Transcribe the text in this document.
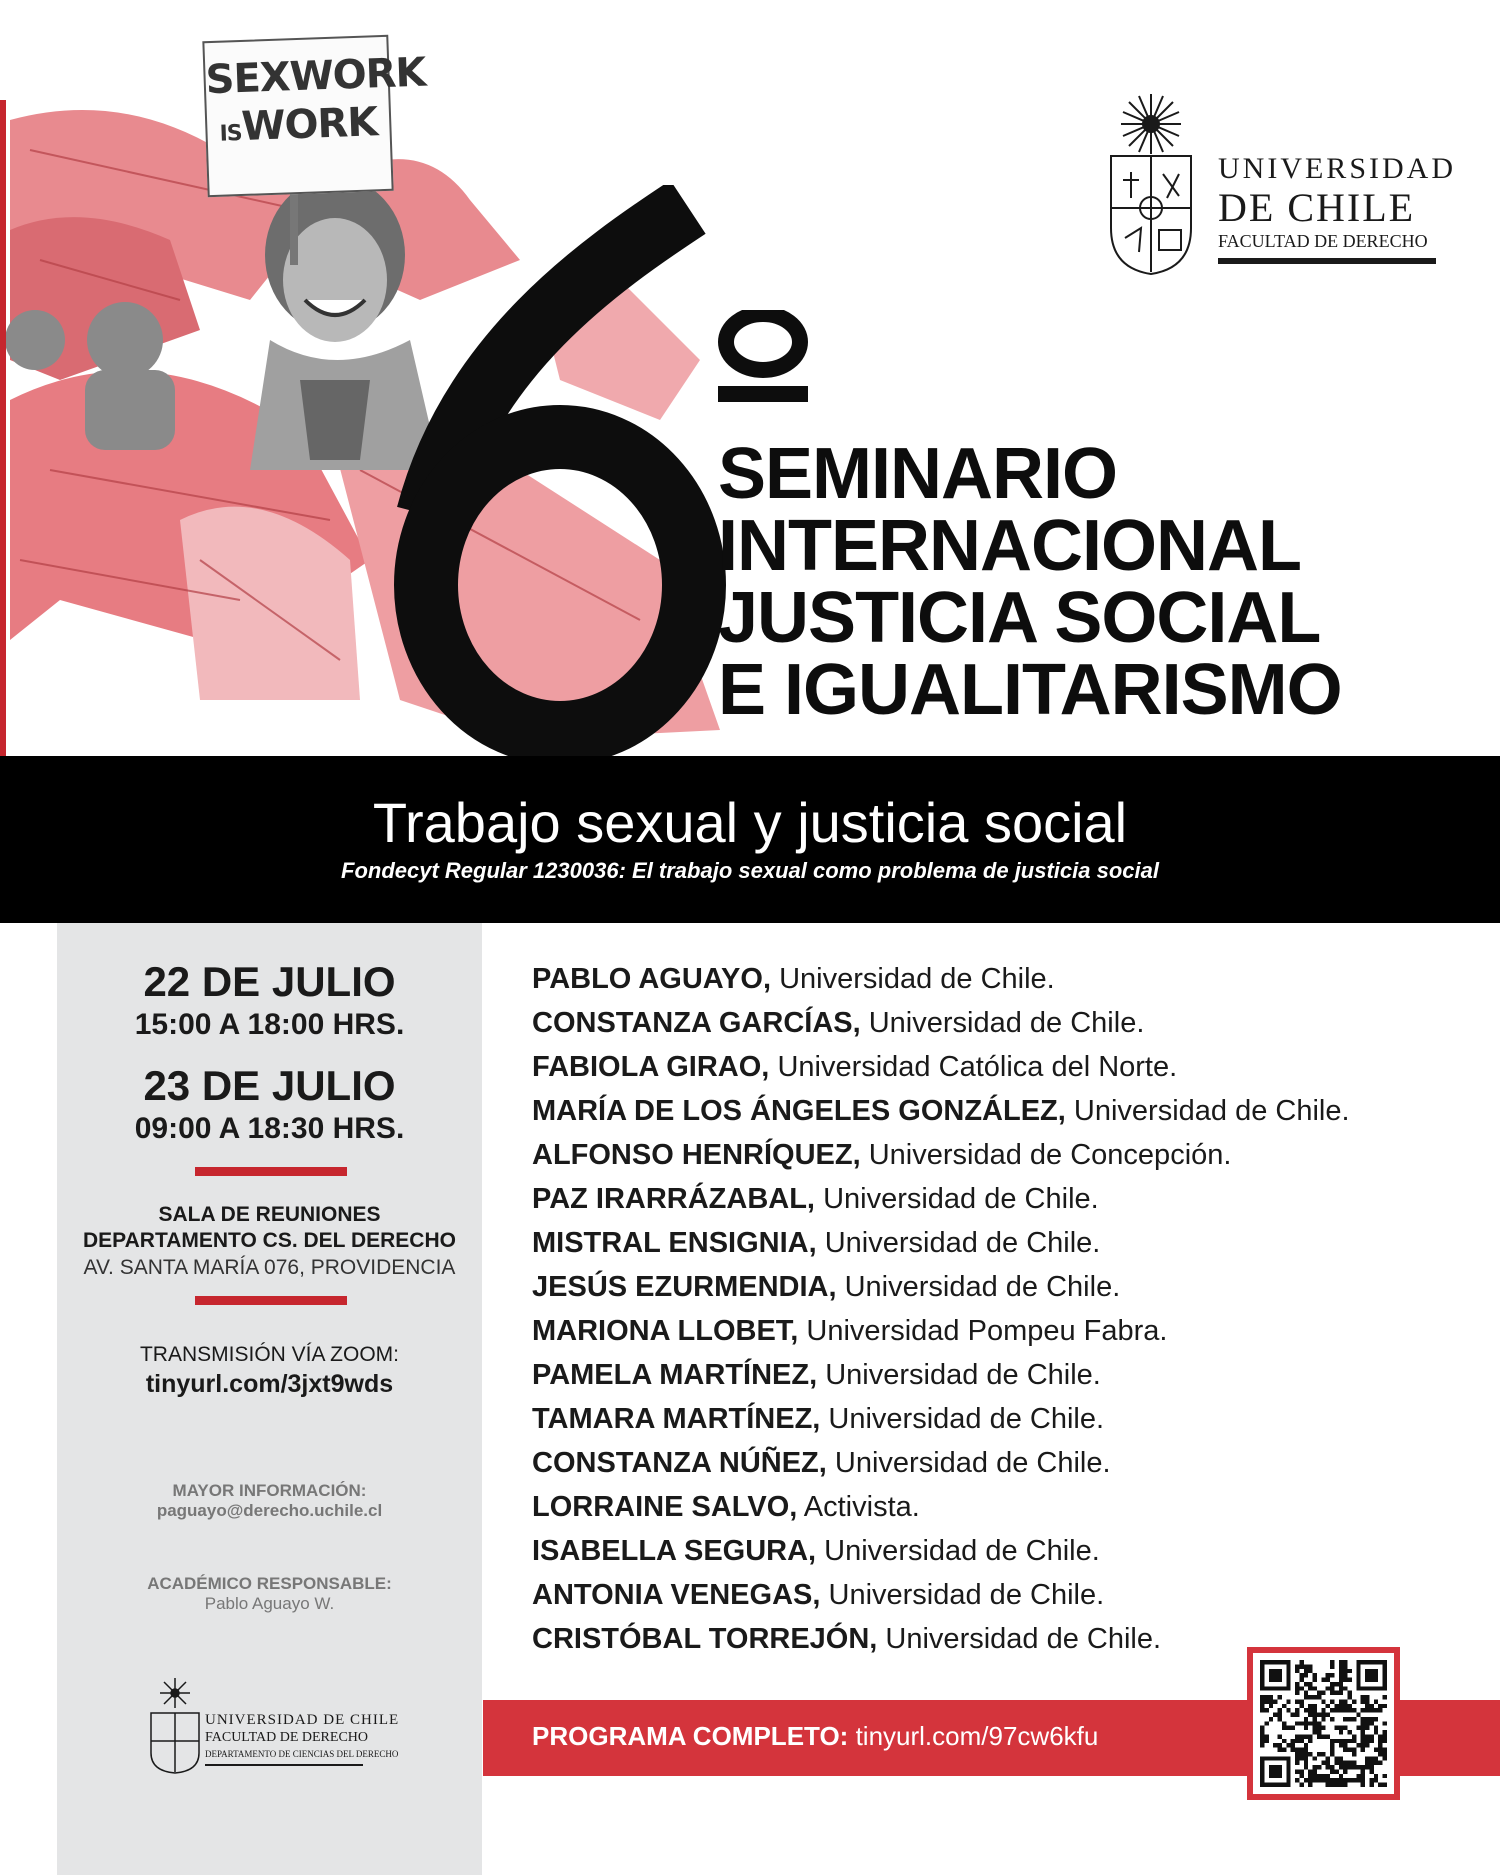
SEXWORK
ISWORK
UNIVERSIDAD
DE CHILE
FACULTAD DE DERECHO
SEMINARIO
INTERNACIONAL
JUSTICIA SOCIAL
E IGUALITARISMO
Trabajo sexual y justicia social
Fondecyt Regular 1230036: El trabajo sexual como problema de justicia social
22 DE JULIO
15:00 A 18:00 HRS.
23 DE JULIO
09:00 A 18:30 HRS.
SALA DE REUNIONES
DEPARTAMENTO CS. DEL DERECHO
AV. SANTA MARÍA 076, PROVIDENCIA
TRANSMISIÓN VÍA ZOOM:
tinyurl.com/3jxt9wds
MAYOR INFORMACIÓN:
paguayo@derecho.uchile.cl
ACADÉMICO RESPONSABLE:
Pablo Aguayo W.
UNIVERSIDAD DE CHILE
FACULTAD DE DERECHO
DEPARTAMENTO DE CIENCIAS DEL DERECHO
PABLO AGUAYO, Universidad de Chile.
CONSTANZA GARCÍAS, Universidad de Chile.
FABIOLA GIRAO, Universidad Católica del Norte.
MARÍA DE LOS ÁNGELES GONZÁLEZ, Universidad de Chile.
ALFONSO HENRÍQUEZ, Universidad de Concepción.
PAZ IRARRÁZABAL, Universidad de Chile.
MISTRAL ENSIGNIA, Universidad de Chile.
JESÚS EZURMENDIA, Universidad de Chile.
MARIONA LLOBET, Universidad Pompeu Fabra.
PAMELA MARTÍNEZ, Universidad de Chile.
TAMARA MARTÍNEZ, Universidad de Chile.
CONSTANZA NÚÑEZ, Universidad de Chile.
LORRAINE SALVO, Activista.
ISABELLA SEGURA, Universidad de Chile.
ANTONIA VENEGAS, Universidad de Chile.
CRISTÓBAL TORREJÓN, Universidad de Chile.
PROGRAMA COMPLETO: tinyurl.com/97cw6kfu
